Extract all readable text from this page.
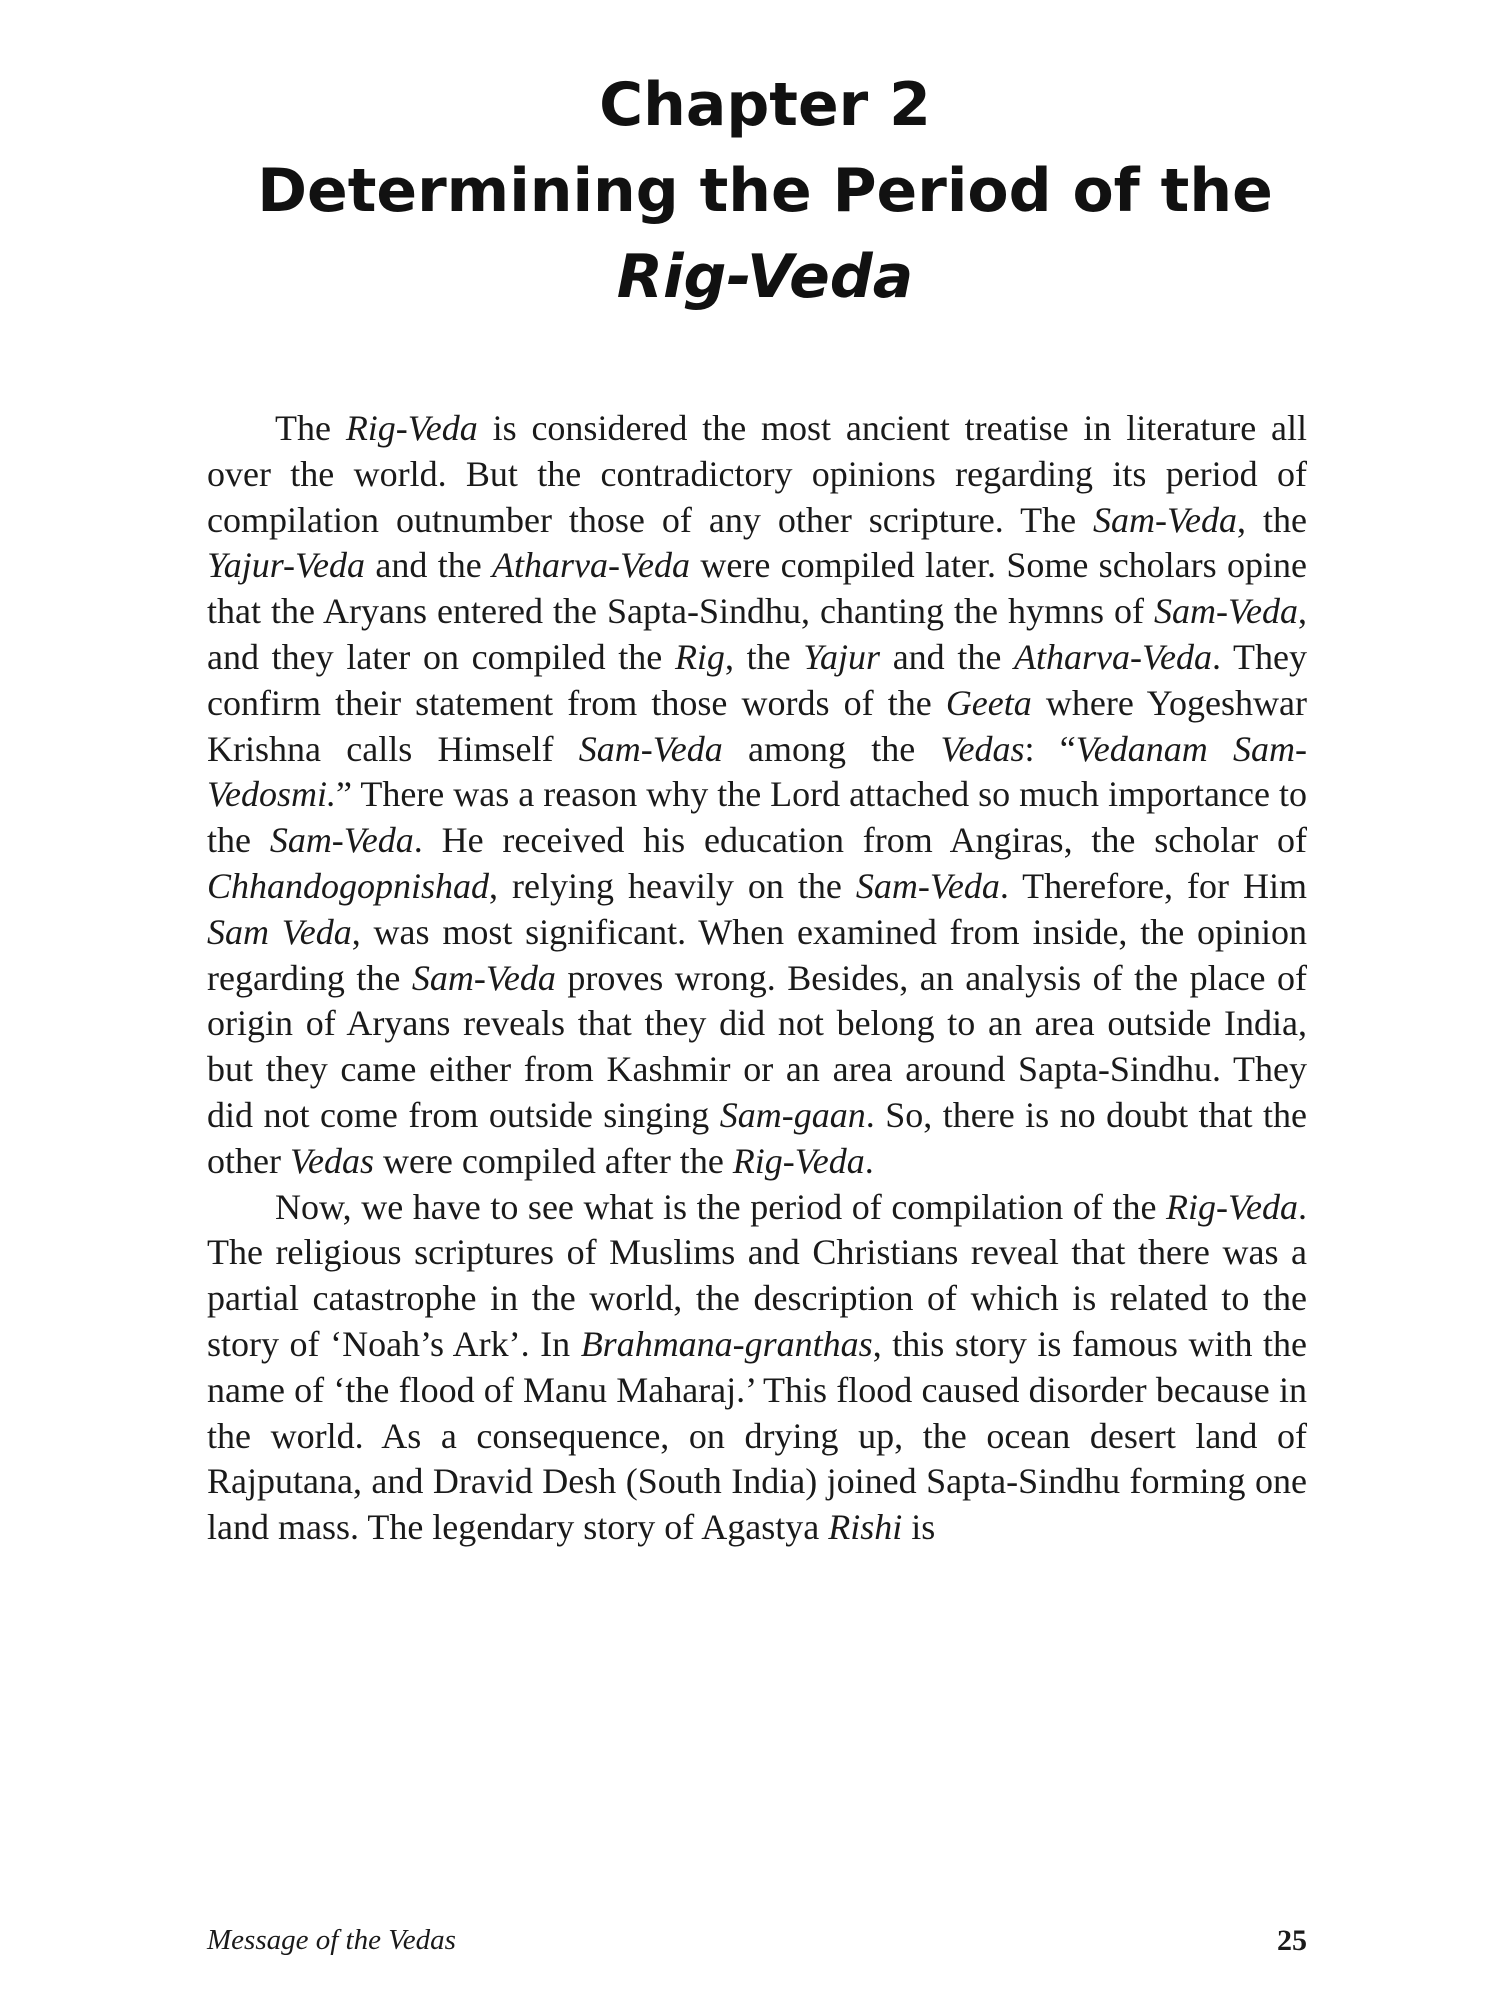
Chapter 2
Determining the Period of the
Rig-Veda

The Rig-Veda is considered the most ancient treatise in literature all over the world. But the contradictory opinions regarding its period of compilation outnumber those of any other scripture. The Sam-Veda, the Yajur-Veda and the Atharva-Veda were compiled later. Some scholars opine that the Aryans entered the Sapta-Sindhu, chanting the hymns of Sam-Veda, and they later on compiled the Rig, the Yajur and the Atharva-Veda. They confirm their statement from those words of the Geeta where Yogeshwar Krishna calls Himself Sam-Veda among the Vedas: “Vedanam Sam-Vedosmi.” There was a reason why the Lord attached so much importance to the Sam-Veda. He received his education from Angiras, the scholar of Chhandogopnishad, relying heavily on the Sam-Veda. Therefore, for Him Sam Veda, was most significant. When examined from inside, the opinion regarding the Sam-Veda proves wrong. Besides, an analysis of the place of origin of Aryans reveals that they did not belong to an area outside India, but they came either from Kashmir or an area around Sapta-Sindhu. They did not come from outside singing Sam-gaan. So, there is no doubt that the other Vedas were compiled after the Rig-Veda.

Now, we have to see what is the period of compilation of the Rig-Veda. The religious scriptures of Muslims and Christians reveal that there was a partial catastrophe in the world, the description of which is related to the story of ‘Noah’s Ark’. In Brahmana-granthas, this story is famous with the name of ‘the flood of Manu Maharaj.’ This flood caused disorder because in the world. As a consequence, on drying up, the ocean desert land of Rajputana, and Dravid Desh (South India) joined Sapta-Sindhu forming one land mass. The legendary story of Agastya Rishi is

Message of the Vedas	25
